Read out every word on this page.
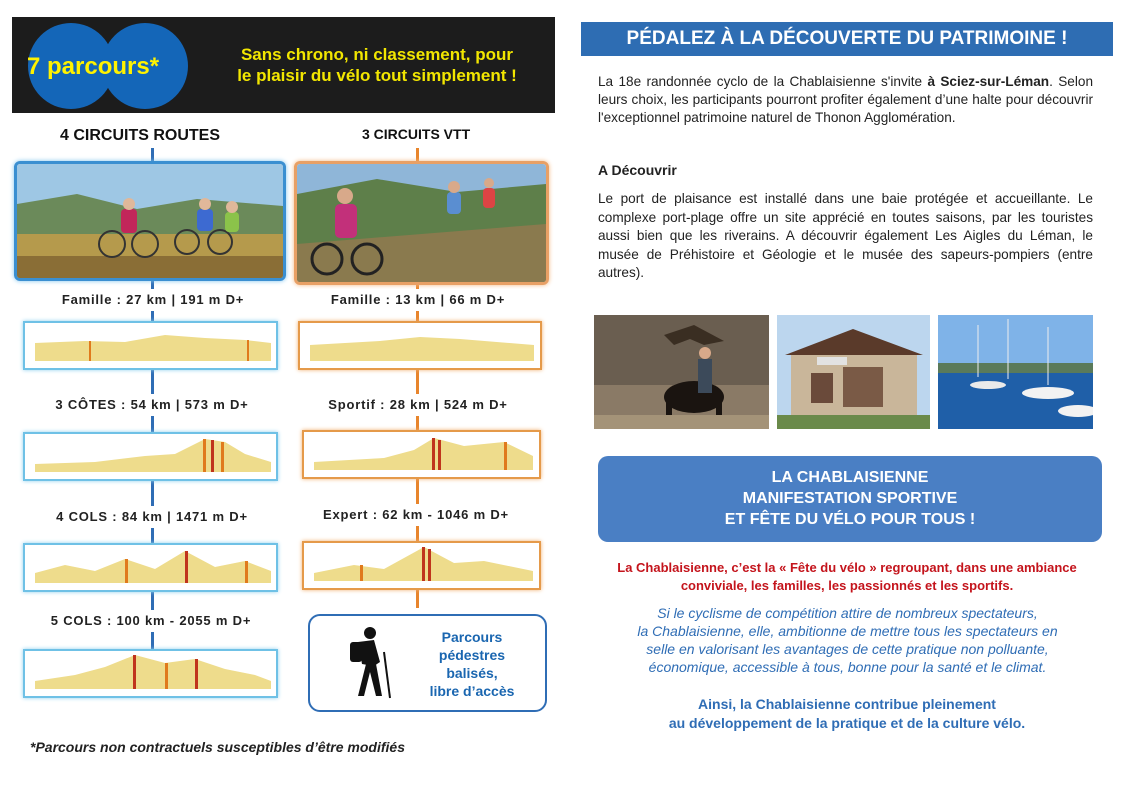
7 parcours*	Sans chrono, ni classement, pour
le plaisir du vélo tout simplement !
4 CIRCUITS ROUTES	3 CIRCUITS VTT
Famille : 27 km | 191 m D+
3 CÔTES : 54 km | 573 m D+
4 COLS : 84 km | 1471 m D+
5 COLS : 100 km - 2055 m D+
Famille : 13 km | 66 m D+
Sportif : 28 km | 524 m D+
Expert : 62 km - 1046 m D+
Parcours
pédestres
balisés,
libre d’accès
*Parcours non contractuels susceptibles d’être modifiés
PÉDALEZ À LA DÉCOUVERTE DU PATRIMOINE !
La 18e randonnée cyclo de la Chablaisienne s'invite à Sciez-sur-Léman. Selon leurs choix, les participants pourront profiter également d’une halte pour découvrir l'exceptionnel patrimoine naturel de Thonon Agglomération.
A Découvrir
Le port de plaisance est installé dans une baie protégée et accueillante. Le complexe port-plage offre un site apprécié en toutes saisons, par les touristes aussi bien que les riverains. A découvrir également Les Aigles du Léman, le musée de Préhistoire et Géologie et le musée des sapeurs-pompiers (entre autres).
LA CHABLAISIENNE
MANIFESTATION SPORTIVE
ET FÊTE DU VÉLO POUR TOUS !
La Chablaisienne, c’est la « Fête du vélo » regroupant, dans une ambiance conviviale, les familles, les passionnés et les sportifs.
Si le cyclisme de compétition attire de nombreux spectateurs,
la Chablaisienne, elle, ambitionne de mettre tous les spectateurs en
selle en valorisant les avantages de cette pratique non polluante,
économique, accessible à tous, bonne pour la santé et le climat.
Ainsi, la Chablaisienne contribue pleinement
au développement de la pratique et de la culture vélo.
